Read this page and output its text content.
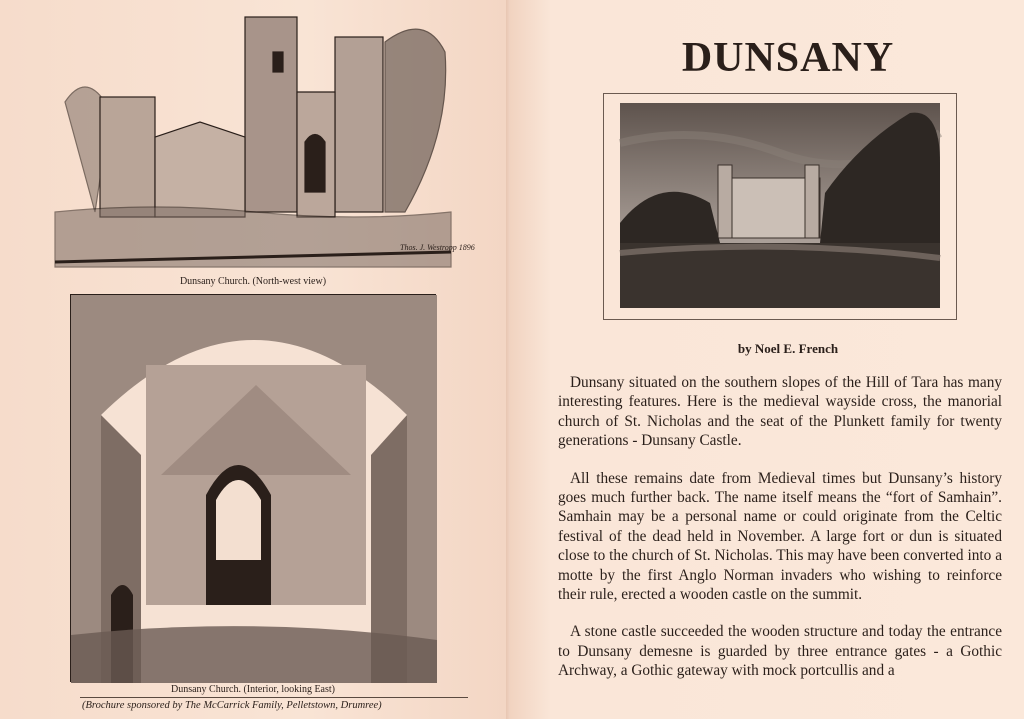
Thos. J. Westropp 1896
Dunsany Church. (North-west view)
Dunsany Church. (Interior, looking East)
(Brochure sponsored by The McCarrick Family, Pelletstown, Drumree)
DUNSANY
by Noel E. French

Dunsany situated on the southern slopes of the Hill of Tara has many interesting features. Here is the medieval wayside cross, the manorial church of St. Nicholas and the seat of the Plunkett family for twenty generations - Dunsany Castle.

All these remains date from Medieval times but Dunsany’s history goes much further back. The name itself means the “fort of Samhain”. Samhain may be a personal name or could originate from the Celtic festival of the dead held in November. A large fort or dun is situated close to the church of St. Nicholas. This may have been converted into a motte by the first Anglo Norman invaders who wishing to reinforce their rule, erected a wooden castle on the summit.

A stone castle succeeded the wooden structure and today the entrance to Dunsany demesne is guarded by three entrance gates - a Gothic Archway, a Gothic gateway with mock portcullis and a
